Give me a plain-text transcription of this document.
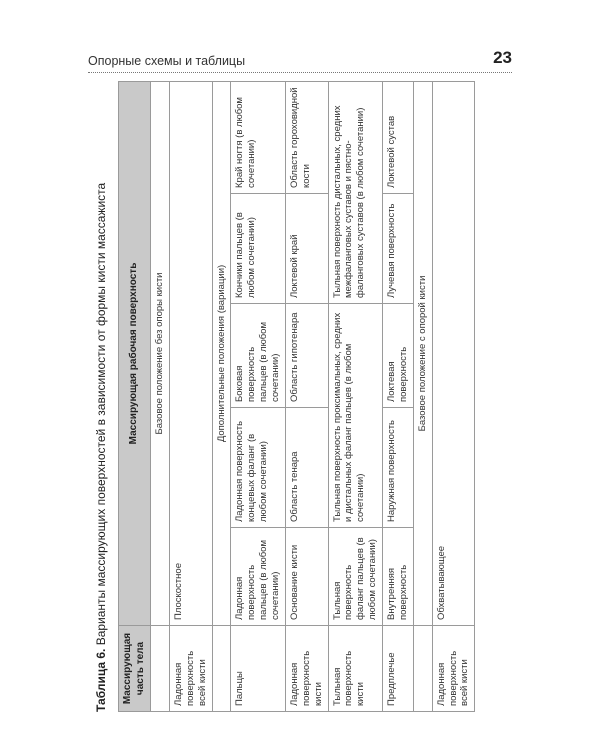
Опорные схемы и таблицы	23
Таблица 6. Варианты массирующих поверхностей в зависимости от формы кисти массажиста
Массирующая часть тела	Массирующая рабочая поверхность				
	Базовое положение без опоры кисти				
Ладонная поверхность всей кисти	Плоскостное				
	Дополнительные положения (вариации)				
Пальцы	Ладонная поверхность пальцев (в любом сочетании)	Ладонная поверхность концевых фаланг (в любом сочетании)	Боковая поверхность пальцев (в любом сочетании)	Кончики пальцев (в любом сочетании)	Край ногтя (в любом сочетании)
Ладонная поверхность кисти	Основание кисти	Область тенара	Область гипотенара	Локтевой край	Область гороховидной кости
Тыльная поверхность кисти	Тыльная поверхность фаланг пальцев (в любом сочетании)	Тыльная поверхность проксимальных, средних и дистальных фаланг пальцев (в любом сочетании)		Тыльная поверхность дистальных, средних межфаланговых суставов и пястно-фаланговых суставов (в любом сочетании)	
Предплечье	Внутренняя поверхность	Наружная поверхность	Локтевая поверхность	Лучевая поверхность	Локтевой сустав
	Базовое положение с опорой кисти				
Ладонная поверхность всей кисти	Обхватывающее				
